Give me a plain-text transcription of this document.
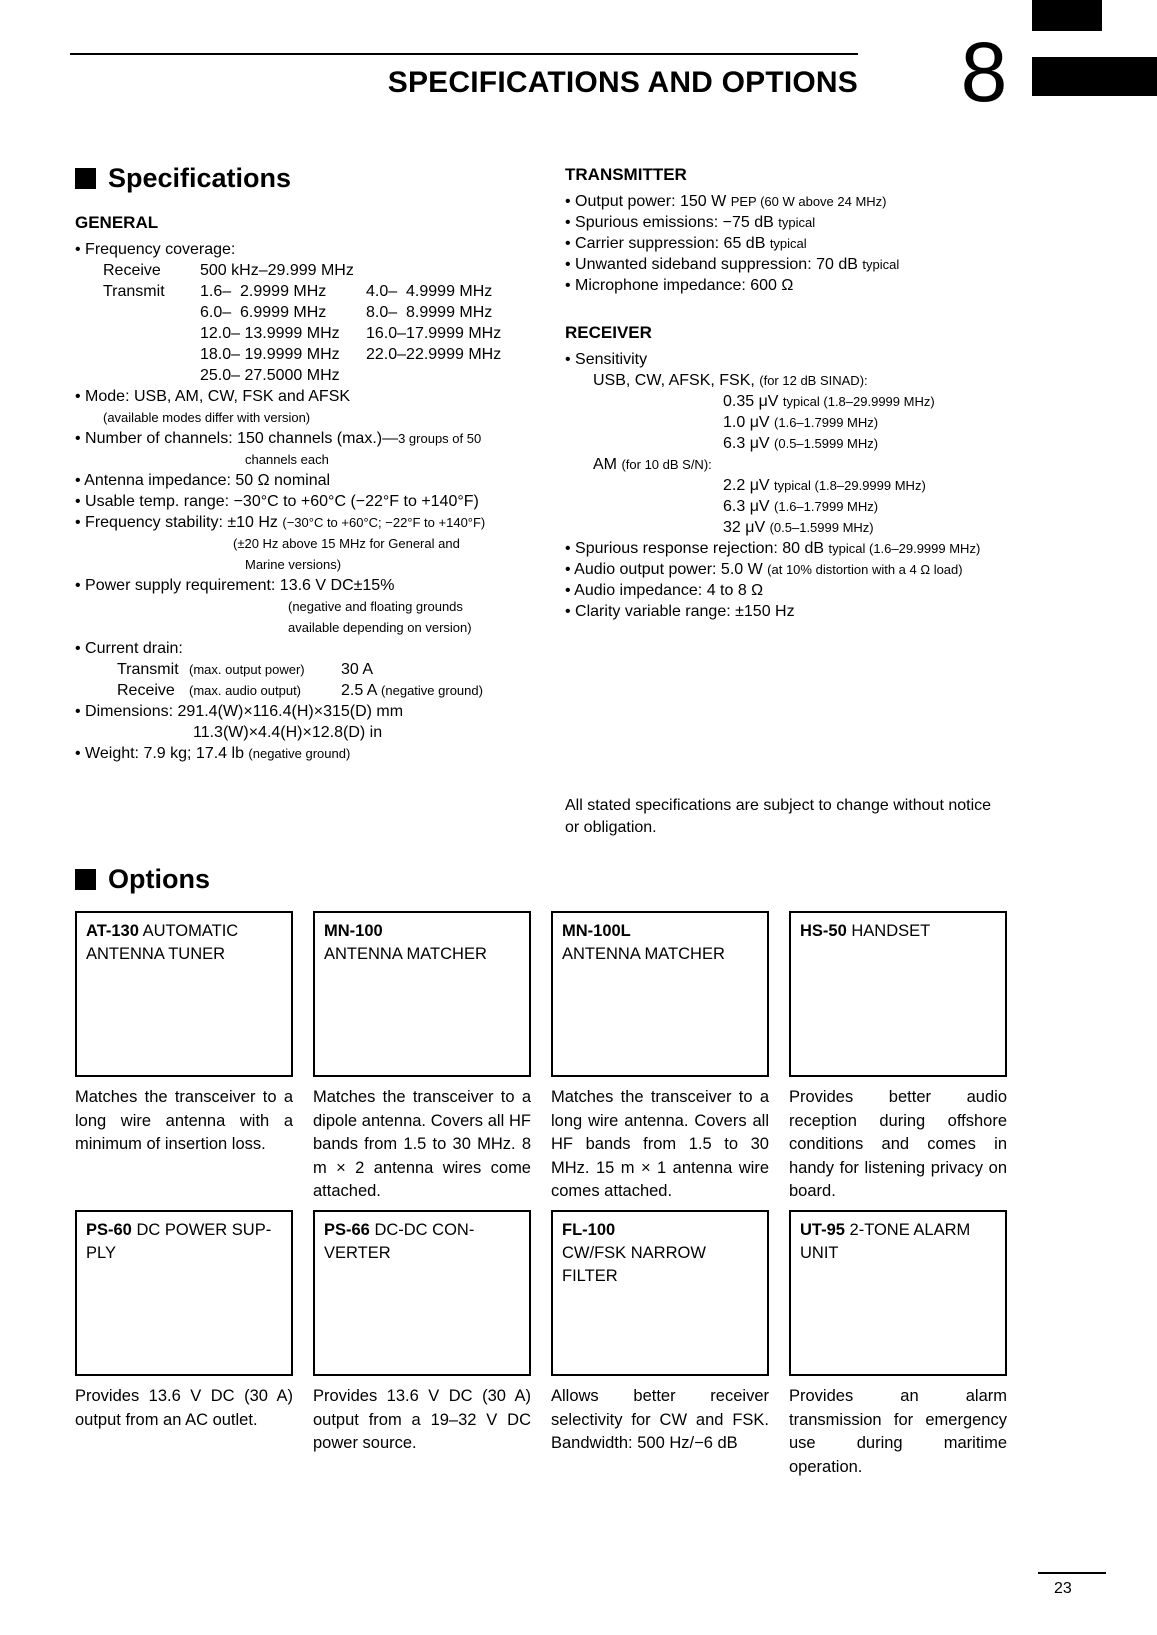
SPECIFICATIONS AND OPTIONS 8
Specifications
GENERAL
• Frequency coverage:
Receive 500 kHz–29.999 MHz
Transmit 1.6–  2.9999 MHz 4.0–  4.9999 MHz
6.0–  6.9999 MHz 8.0–  8.9999 MHz
12.0– 13.9999 MHz 16.0–17.9999 MHz
18.0– 19.9999 MHz 22.0–22.9999 MHz
25.0– 27.5000 MHz
• Mode: USB, AM, CW, FSK and AFSK
(available modes differ with version)
• Number of channels: 150 channels (max.)—3 groups of 50
channels each
• Antenna impedance: 50 Ω nominal
• Usable temp. range: −30°C to +60°C (−22°F to +140°F)
• Frequency stability: ±10 Hz (−30°C to +60°C; −22°F to +140°F)
(±20 Hz above 15 MHz for General and
Marine versions)
• Power supply requirement: 13.6 V DC±15%
(negative and floating grounds
available depending on version)
• Current drain:
Transmit (max. output power) 30 A
Receive (max. audio output) 2.5 A (negative ground)
• Dimensions: 291.4(W)×116.4(H)×315(D) mm
11.3(W)×4.4(H)×12.8(D) in
• Weight: 7.9 kg; 17.4 lb (negative ground)
TRANSMITTER
• Output power: 150 W PEP (60 W above 24 MHz)
• Spurious emissions: −75 dB typical
• Carrier suppression: 65 dB typical
• Unwanted sideband suppression: 70 dB typical
• Microphone impedance: 600 Ω
RECEIVER
• Sensitivity
USB, CW, AFSK, FSK, (for 12 dB SINAD):
0.35 μV typical (1.8–29.9999 MHz)
1.0 μV (1.6–1.7999 MHz)
6.3 μV (0.5–1.5999 MHz)
AM (for 10 dB S/N):
2.2 μV typical (1.8–29.9999 MHz)
6.3 μV (1.6–1.7999 MHz)
32 μV (0.5–1.5999 MHz)
• Spurious response rejection: 80 dB typical (1.6–29.9999 MHz)
• Audio output power: 5.0 W (at 10% distortion with a 4 Ω load)
• Audio impedance: 4 to 8 Ω
• Clarity variable range: ±150 Hz
All stated specifications are subject to change without notice
or obligation.
Options
AT-130 AUTOMATIC
ANTENNA TUNER

Matches the transceiver to a long wire antenna with a minimum of insertion loss.

MN-100
ANTENNA MATCHER

Matches the transceiver to a dipole antenna. Covers all HF bands from 1.5 to 30 MHz. 8 m × 2 antenna wires come attached.

MN-100L
ANTENNA MATCHER

Matches the transceiver to a long wire antenna. Covers all HF bands from 1.5 to 30 MHz. 15 m × 1 antenna wire comes attached.

HS-50 HANDSET

Provides better audio reception during offshore conditions and comes in handy for listening privacy on board.

PS-60 DC POWER SUP-
PLY

Provides 13.6 V DC (30 A) output from an AC outlet.

PS-66 DC-DC CON-
VERTER

Provides 13.6 V DC (30 A) output from a 19–32 V DC power source.

FL-100
CW/FSK NARROW FILTER

Allows better receiver selectivity for CW and FSK. Bandwidth: 500 Hz/−6 dB

UT-95 2-TONE ALARM UNIT

Provides an alarm transmission for emergency use during maritime operation.

23
